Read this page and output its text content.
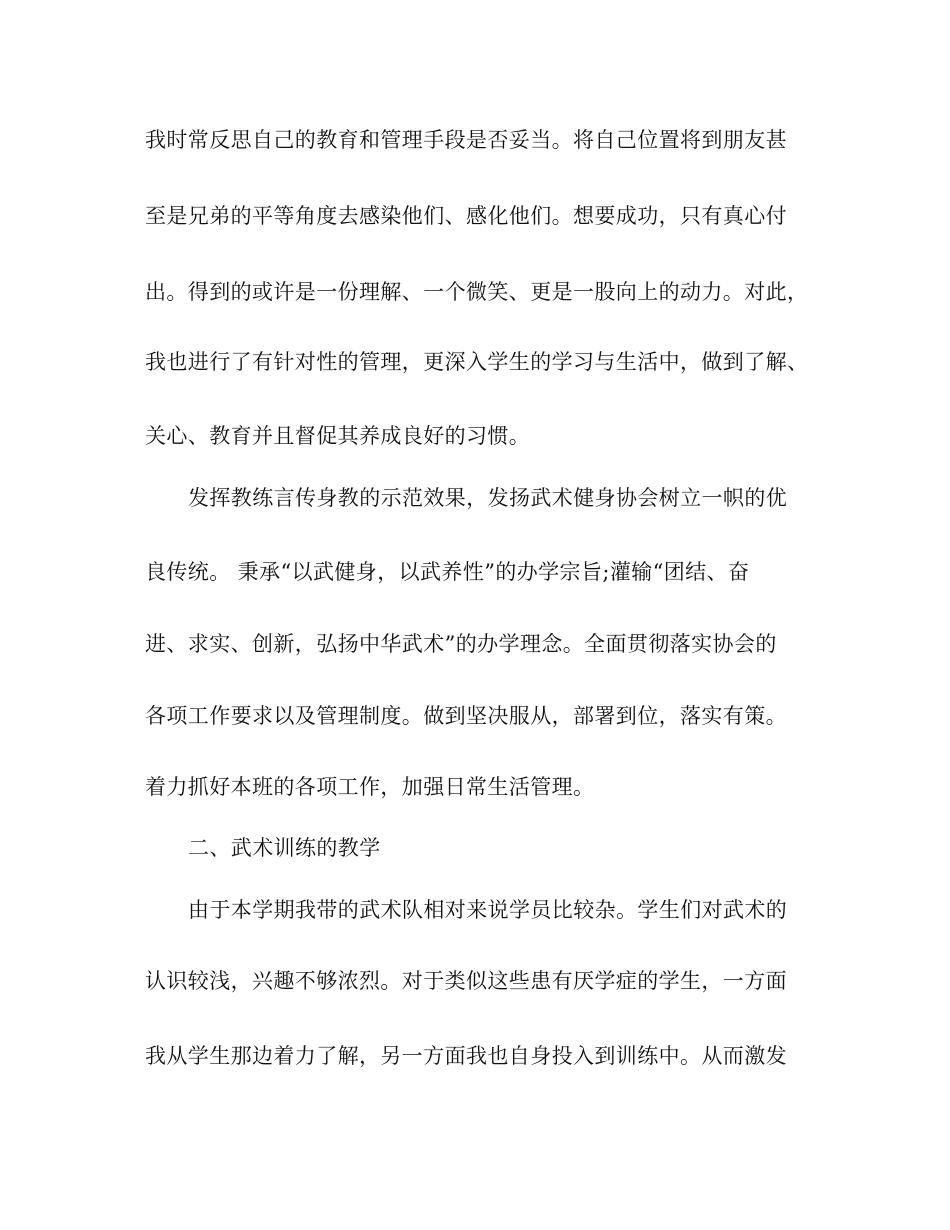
我时常反思自己的教育和管理手段是否妥当。将自己位置将到朋友甚
至是兄弟的平等角度去感染他们、感化他们。想要成功，只有真心付
出。得到的或许是一份理解、一个微笑、更是一股向上的动力。对此，
我也进行了有针对性的管理，更深入学生的学习与生活中，做到了解、
关心、教育并且督促其养成良好的习惯。
发挥教练言传身教的示范效果，发扬武术健身协会树立一帜的优
良传统。 秉承“以武健身，以武养性”的办学宗旨;灌输“团结、奋
进、求实、创新，弘扬中华武术”的办学理念。全面贯彻落实协会的
各项工作要求以及管理制度。做到坚决服从，部署到位，落实有策。
着力抓好本班的各项工作，加强日常生活管理。
二、武术训练的教学
由于本学期我带的武术队相对来说学员比较杂。学生们对武术的
认识较浅，兴趣不够浓烈。对于类似这些患有厌学症的学生，一方面
我从学生那边着力了解，另一方面我也自身投入到训练中。从而激发
